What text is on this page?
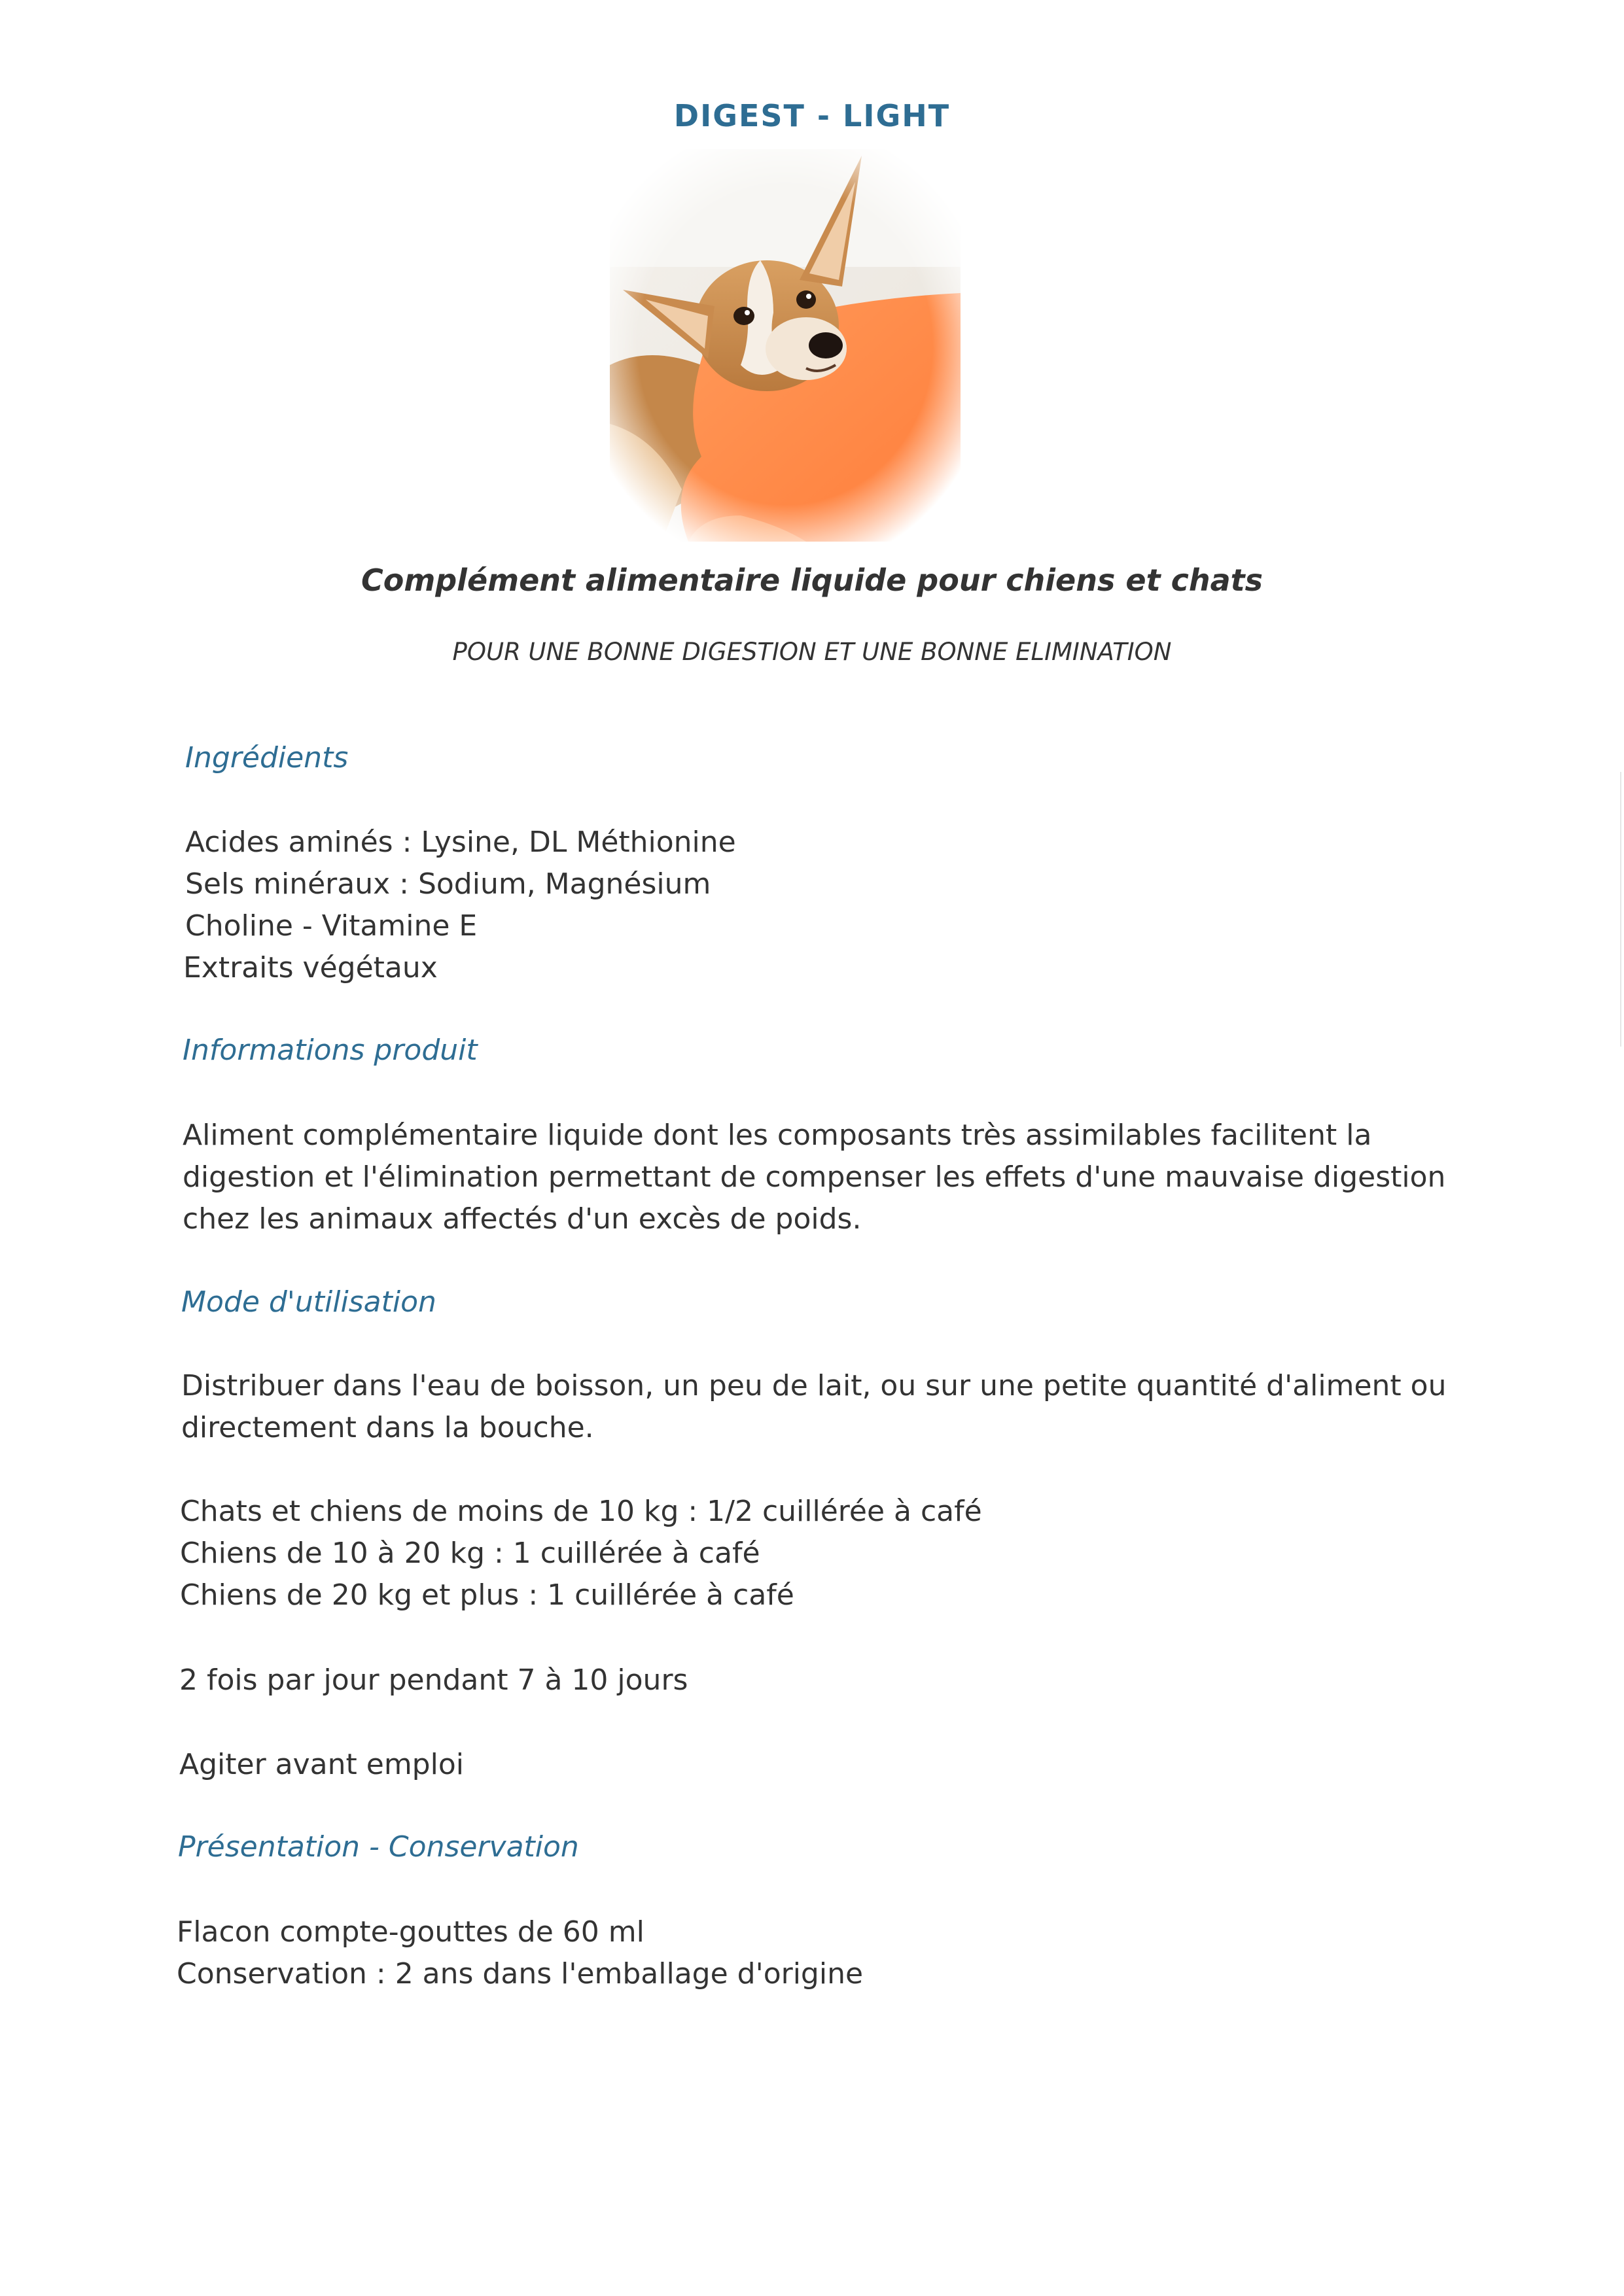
DIGEST - LIGHT
Complément alimentaire liquide pour chiens et chats
POUR UNE BONNE DIGESTION ET UNE BONNE ELIMINATION
Ingrédients
Acides aminés : Lysine, DL Méthionine
Sels minéraux : Sodium, Magnésium
Choline - Vitamine E
Extraits végétaux
Informations produit
Aliment complémentaire liquide dont les composants très assimilables facilitent la
digestion et l'élimination permettant de compenser les effets d'une mauvaise digestion
chez les animaux affectés d'un excès de poids.
Mode d'utilisation
Distribuer dans l'eau de boisson, un peu de lait, ou sur une petite quantité d'aliment ou
directement dans la bouche.
Chats et chiens de moins de 10 kg : 1/2 cuillérée à café
Chiens de 10 à 20 kg : 1 cuillérée à café
Chiens de 20 kg et plus : 1 cuillérée à café
2 fois par jour pendant 7 à 10 jours
Agiter avant emploi
Présentation - Conservation
Flacon compte-gouttes de 60 ml
Conservation : 2 ans dans l'emballage d'origine
